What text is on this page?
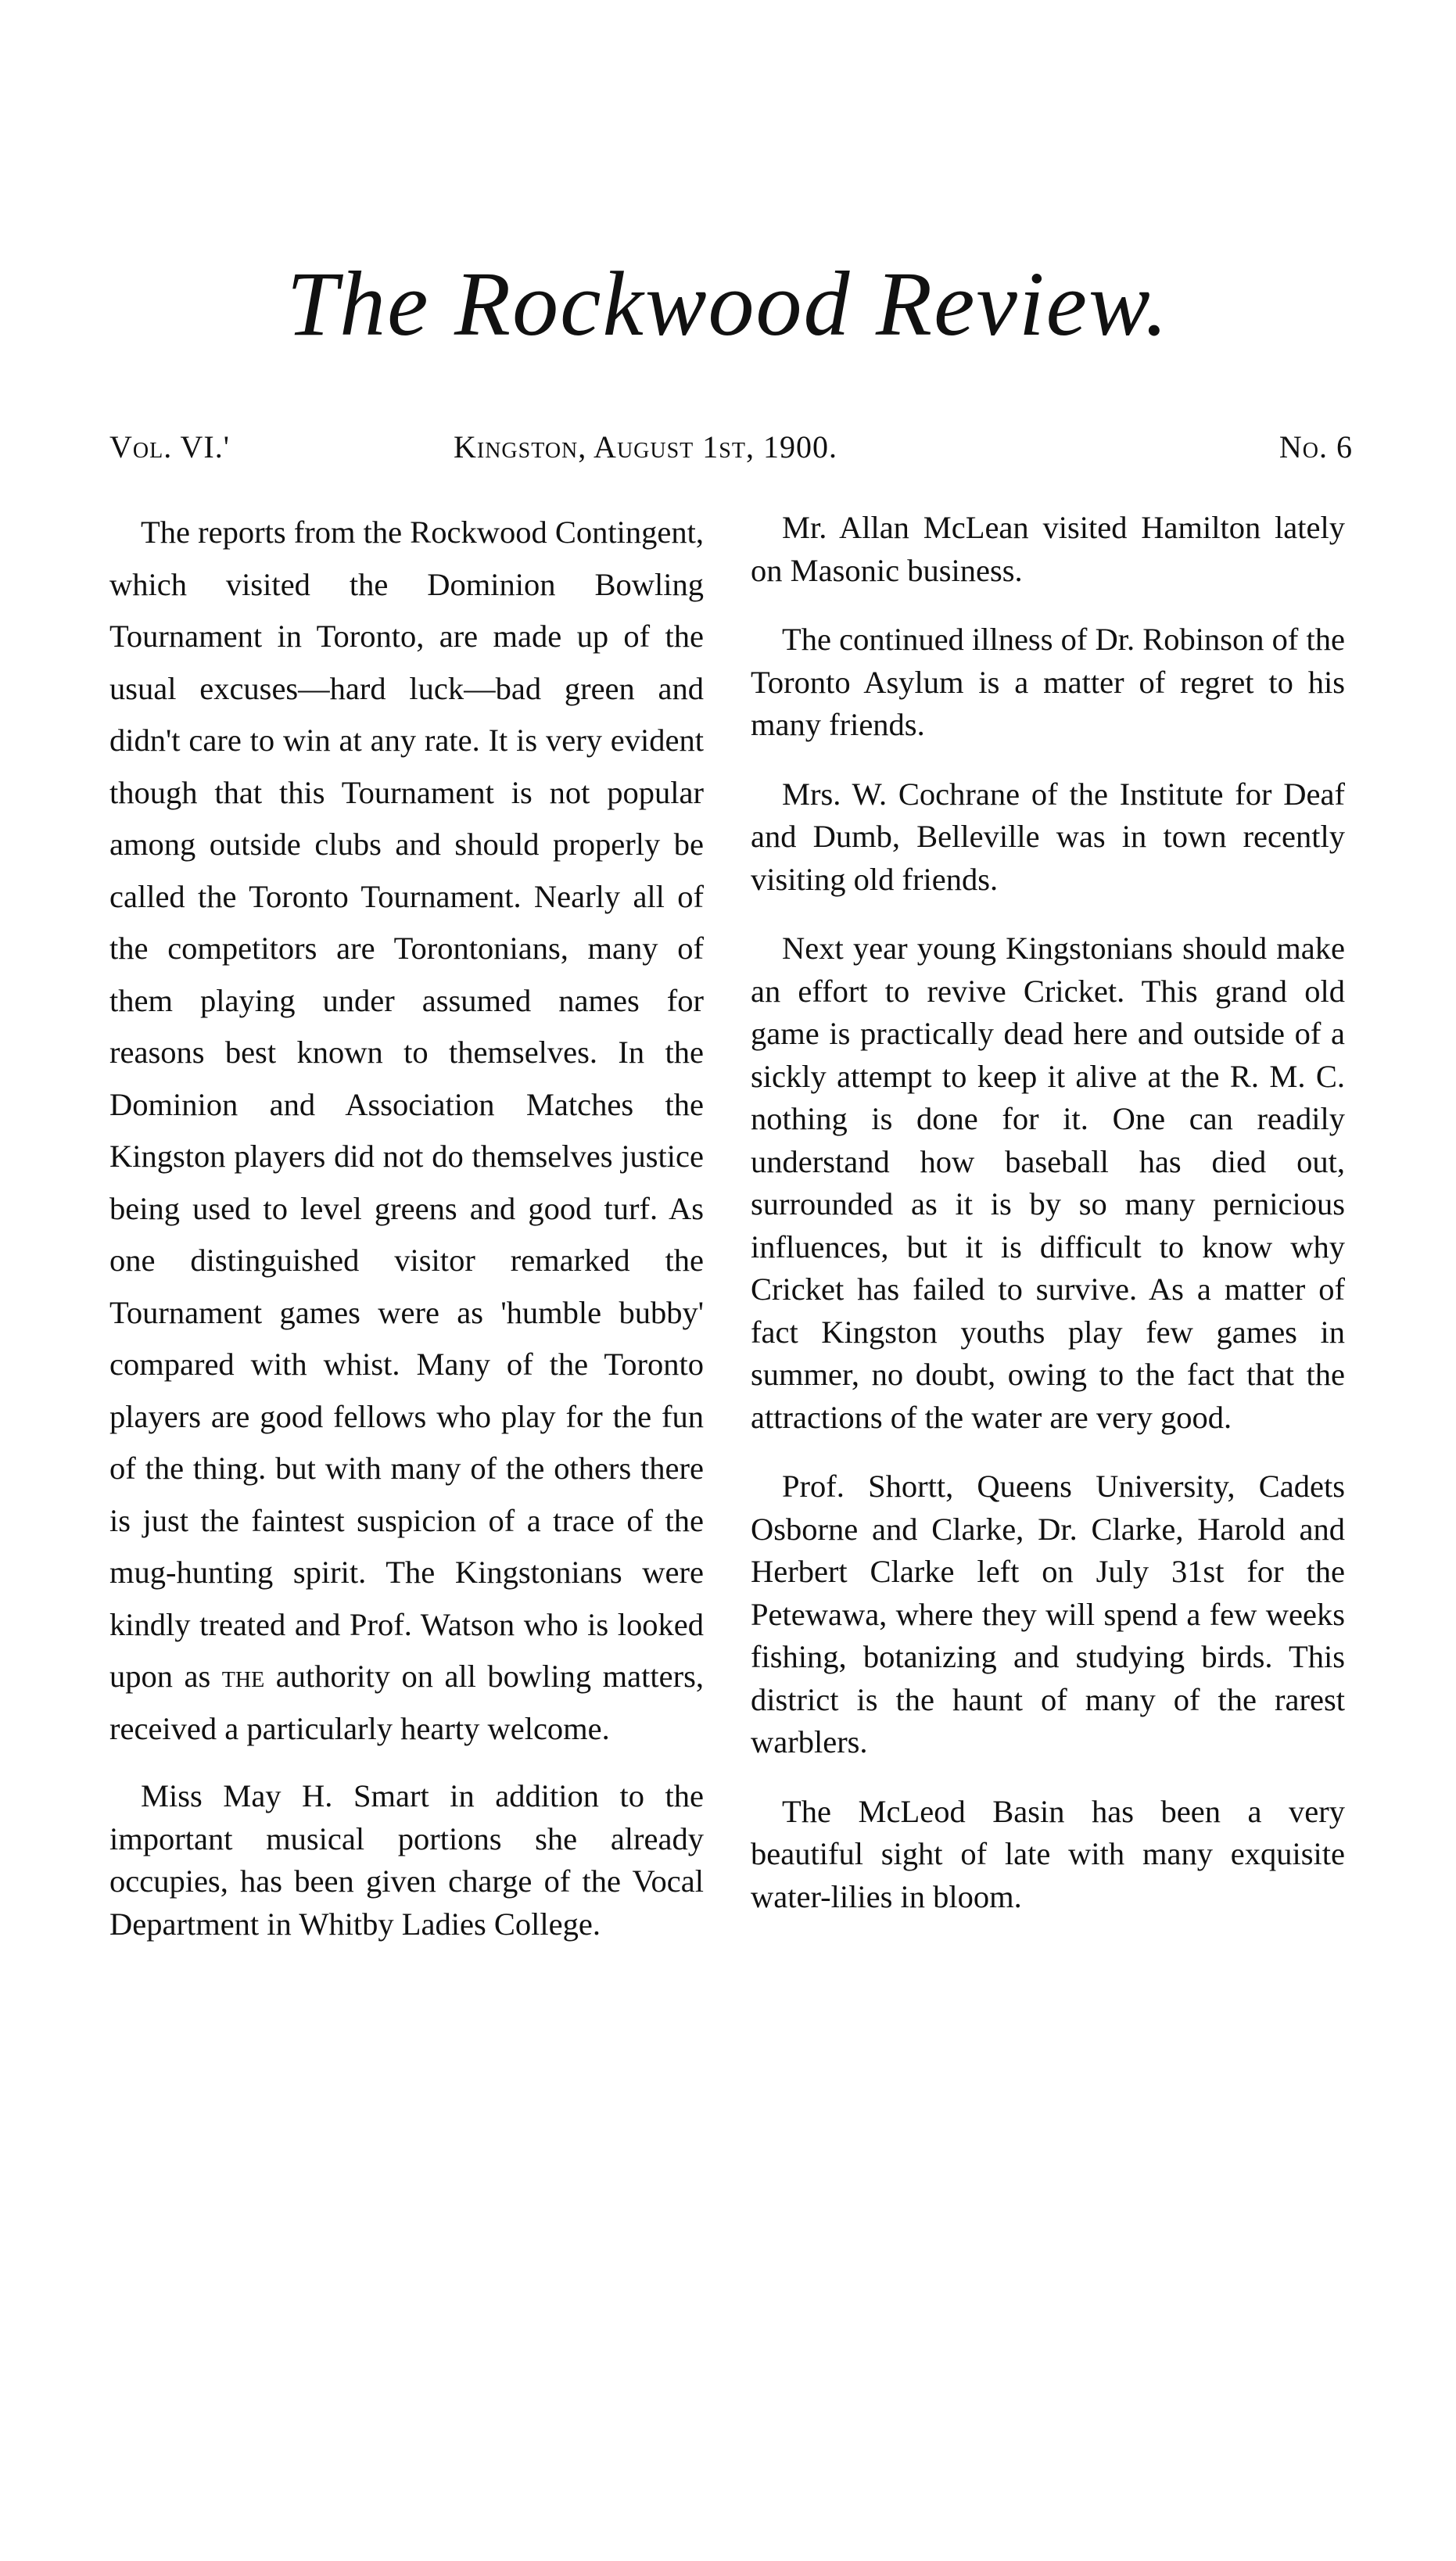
The Rockwood Review.
Vol. VI.'	Kingston, August 1st, 1900.	No. 6

The reports from the Rockwood Contingent, which visited the Dominion Bowling Tournament in Toronto, are made up of the usual excuses—hard luck—bad green and didn't care to win at any rate. It is very evident though that this Tournament is not popular among outside clubs and should properly be called the Toronto Tournament. Nearly all of the competitors are Torontonians, many of them playing under assumed names for reasons best known to themselves. In the Dominion and Association Matches the Kingston players did not do themselves justice being used to level greens and good turf. As one distinguished visitor remarked the Tournament games were as 'humble bubby' compared with whist. Many of the Toronto players are good fellows who play for the fun of the thing. but with many of the others there is just the faintest suspicion of a trace of the mug-hunting spirit. The Kingstonians were kindly treated and Prof. Watson who is looked upon as the authority on all bowling matters, received a particularly hearty welcome.

Miss May H. Smart in addition to the important musical portions she already occupies, has been given charge of the Vocal Department in Whitby Ladies College.

Mr. Allan McLean visited Hamilton lately on Masonic business.

The continued illness of Dr. Robinson of the Toronto Asylum is a matter of regret to his many friends.

Mrs. W. Cochrane of the Institute for Deaf and Dumb, Belleville was in town recently visiting old friends.

Next year young Kingstonians should make an effort to revive Cricket. This grand old game is practically dead here and outside of a sickly attempt to keep it alive at the R. M. C. nothing is done for it. One can readily understand how baseball has died out, surrounded as it is by so many pernicious influences, but it is difficult to know why Cricket has failed to survive. As a matter of fact Kingston youths play few games in summer, no doubt, owing to the fact that the attractions of the water are very good.

Prof. Shortt, Queens University, Cadets Osborne and Clarke, Dr. Clarke, Harold and Herbert Clarke left on July 31st for the Petewawa, where they will spend a few weeks fishing, botanizing and studying birds. This district is the haunt of many of the rarest warblers.

The McLeod Basin has been a very beautiful sight of late with many exquisite water-lilies in bloom.
